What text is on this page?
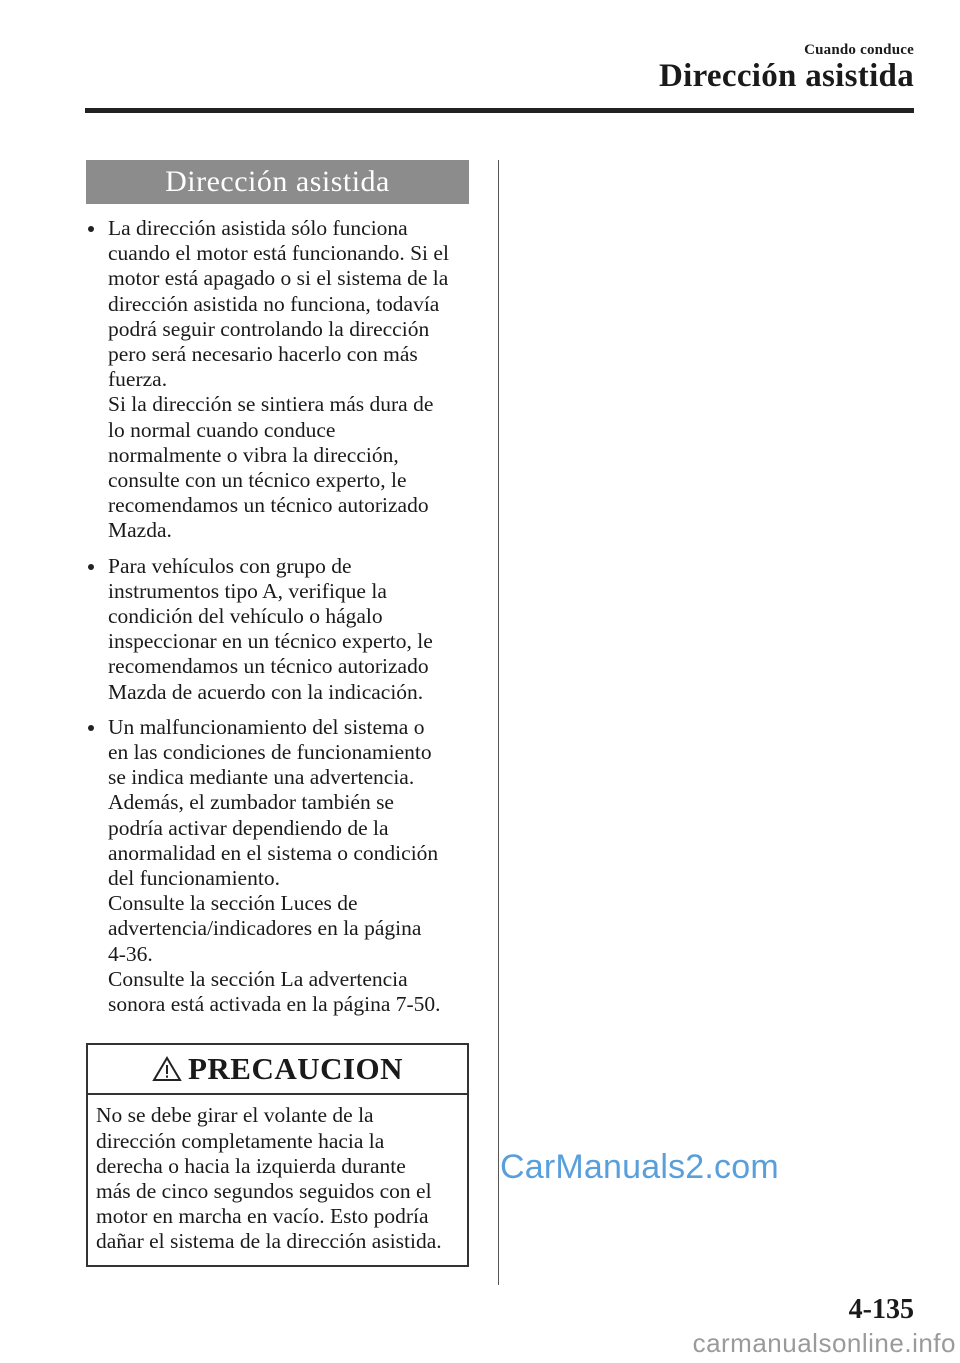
Cuando conduce
Dirección asistida
Dirección asistida
La dirección asistida sólo funciona
cuando el motor está funcionando. Si el
motor está apagado o si el sistema de la
dirección asistida no funciona, todavía
podrá seguir controlando la dirección
pero será necesario hacerlo con más
fuerza.
Si la dirección se sintiera más dura de
lo normal cuando conduce
normalmente o vibra la dirección,
consulte con un técnico experto, le
recomendamos un técnico autorizado
Mazda.
Para vehículos con grupo de
instrumentos tipo A, verifique la
condición del vehículo o hágalo
inspeccionar en un técnico experto, le
recomendamos un técnico autorizado
Mazda de acuerdo con la indicación.
Un malfuncionamiento del sistema o
en las condiciones de funcionamiento
se indica mediante una advertencia.
Además, el zumbador también se
podría activar dependiendo de la
anormalidad en el sistema o condición
del funcionamiento.
Consulte la sección Luces de
advertencia/indicadores en la página
4-36.
Consulte la sección La advertencia
sonora está activada en la página 7-50.
PRECAUCION
No se debe girar el volante de la
dirección completamente hacia la
derecha o hacia la izquierda durante
más de cinco segundos seguidos con el
motor en marcha en vacío. Esto podría
dañar el sistema de la dirección asistida.
CarManuals2.com
4-135
carmanualsonline.info
